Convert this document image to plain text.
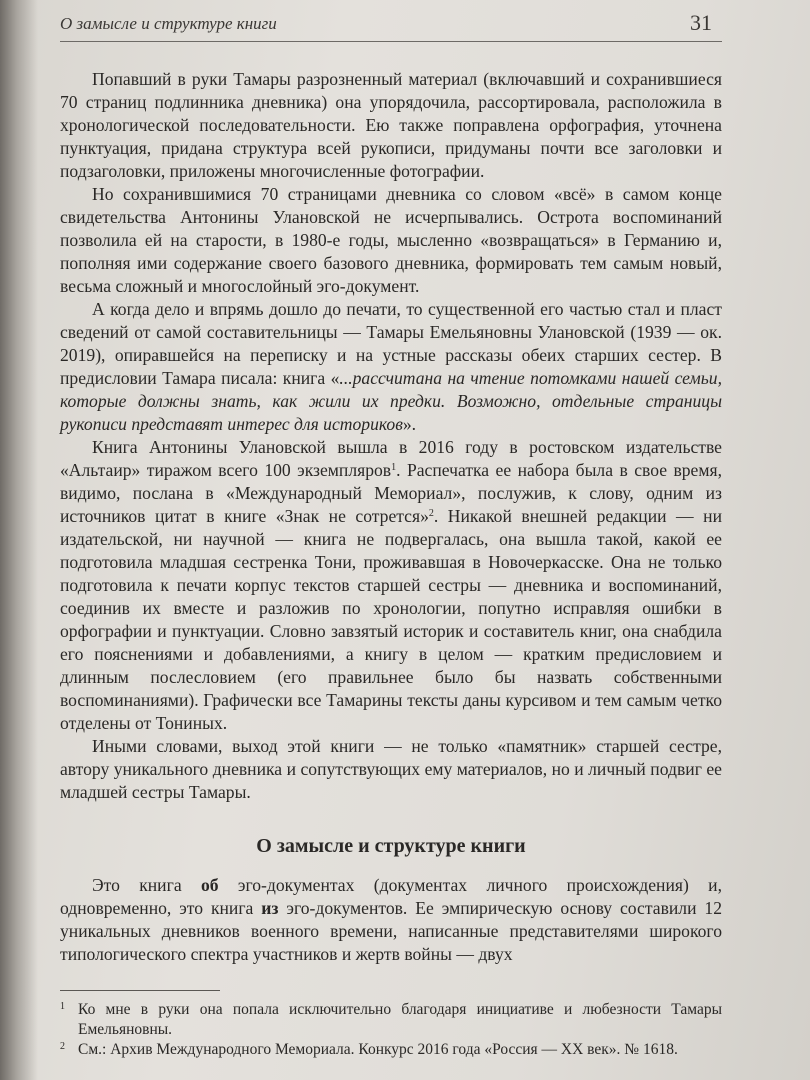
О замысле и структуре книги	31

Попавший в руки Тамары разрозненный материал (включавший и сохранившиеся 70 страниц подлинника дневника) она упорядочила, рассортировала, расположила в хронологической последовательности. Ею также поправлена орфография, уточнена пунктуация, придана структура всей рукописи, придуманы почти все заголовки и подзаголовки, приложены многочисленные фотографии.

Но сохранившимися 70 страницами дневника со словом «всё» в самом конце свидетельства Антонины Улановской не исчерпывались. Острота воспоминаний позволила ей на старости, в 1980-е годы, мысленно «возвращаться» в Германию и, пополняя ими содержание своего базового дневника, формировать тем самым новый, весьма сложный и многослойный эго-документ.

А когда дело и впрямь дошло до печати, то существенной его частью стал и пласт сведений от самой составительницы — Тамары Емельяновны Улановской (1939 — ок. 2019), опиравшейся на переписку и на устные рассказы обеих старших сестер. В предисловии Тамара писала: книга «...рассчитана на чтение потомками нашей семьи, которые должны знать, как жили их предки. Возможно, отдельные страницы рукописи представят интерес для историков».

Книга Антонины Улановской вышла в 2016 году в ростовском издательстве «Альтаир» тиражом всего 100 экземпляров$^1$. Распечатка ее набора была в свое время, видимо, послана в «Международный Мемориал», послужив, к слову, одним из источников цитат в книге «Знак не сотрется»$^2$. Никакой внешней редакции — ни издательской, ни научной — книга не подвергалась, она вышла такой, какой ее подготовила младшая сестренка Тони, проживавшая в Новочеркасске. Она не только подготовила к печати корпус текстов старшей сестры — дневника и воспоминаний, соединив их вместе и разложив по хронологии, попутно исправляя ошибки в орфографии и пунктуации. Словно завзятый историк и составитель книг, она снабдила его пояснениями и добавлениями, а книгу в целом — кратким предисловием и длинным послесловием (его правильнее было бы назвать собственными воспоминаниями). Графически все Тамарины тексты даны курсивом и тем самым четко отделены от Тониных.

Иными словами, выход этой книги — не только «памятник» старшей сестре, автору уникального дневника и сопутствующих ему материалов, но и личный подвиг ее младшей сестры Тамары.

О замысле и структуре книги

Это книга об эго-документах (документах личного происхождения) и, одновременно, это книга из эго-документов. Ее эмпирическую основу составили 12 уникальных дневников военного времени, написанные представителями широкого типологического спектра участников и жертв войны — двух

1 Ко мне в руки она попала исключительно благодаря инициативе и любезности Тамары Емельяновны.

2 См.: Архив Международного Мемориала. Конкурс 2016 года «Россия — XX век». № 1618.
